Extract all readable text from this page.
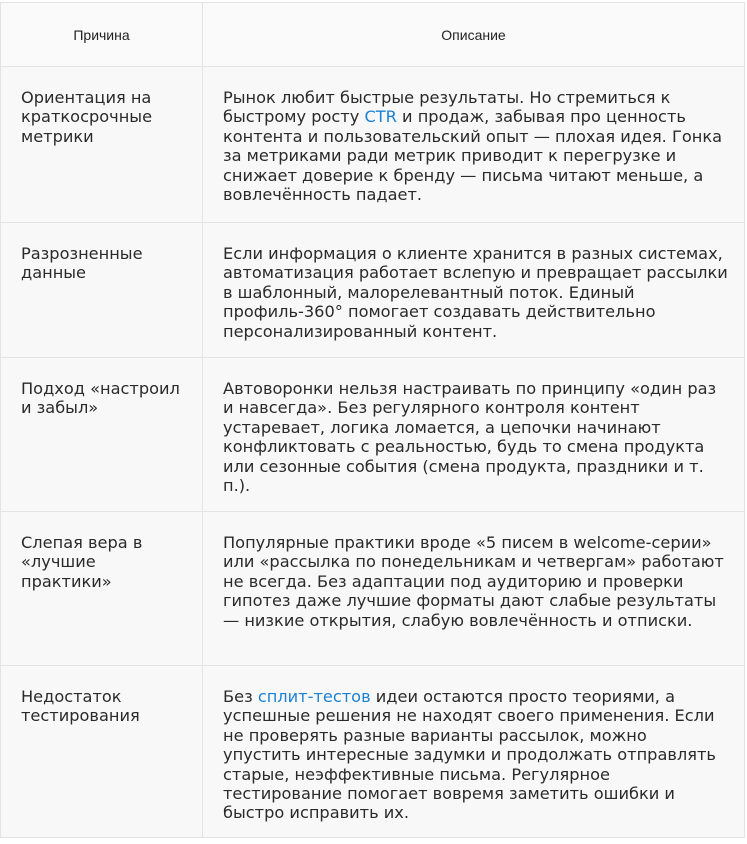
Причина	Описание
Ориентация на краткосрочные метрики
Рынок любит быстрые результаты. Но стремиться к быстрому росту CTR и продаж, забывая про ценность контента и пользовательский опыт — плохая идея. Гонка за метриками ради метрик приводит к перегрузке и снижает доверие к бренду — письма читают меньше, а вовлечённость падает.
Разрозненные данные
Если информация о клиенте хранится в разных системах, автоматизация работает вслепую и превращает рассылки в шаблонный, малорелевантный поток. Единый профиль-360° помогает создавать действительно персонализированный контент.
Подход «настроил и забыл»
Автоворонки нельзя настраивать по принципу «один раз и навсегда». Без регулярного контроля контент устаревает, логика ломается, а цепочки начинают конфликтовать с реальностью, будь то смена продукта или сезонные события (смена продукта, праздники и т. п.).
Слепая вера в «лучшие практики»
Популярные практики вроде «5 писем в welcome-серии» или «рассылка по понедельникам и четвергам» работают не всегда. Без адаптации под аудиторию и проверки гипотез даже лучшие форматы дают слабые результаты — низкие открытия, слабую вовлечённость и отписки.
Недостаток тестирования
Без сплит-тестов идеи остаются просто теориями, а успешные решения не находят своего применения. Если не проверять разные варианты рассылок, можно упустить интересные задумки и продолжать отправлять старые, неэффективные письма. Регулярное тестирование помогает вовремя заметить ошибки и быстро исправить их.
